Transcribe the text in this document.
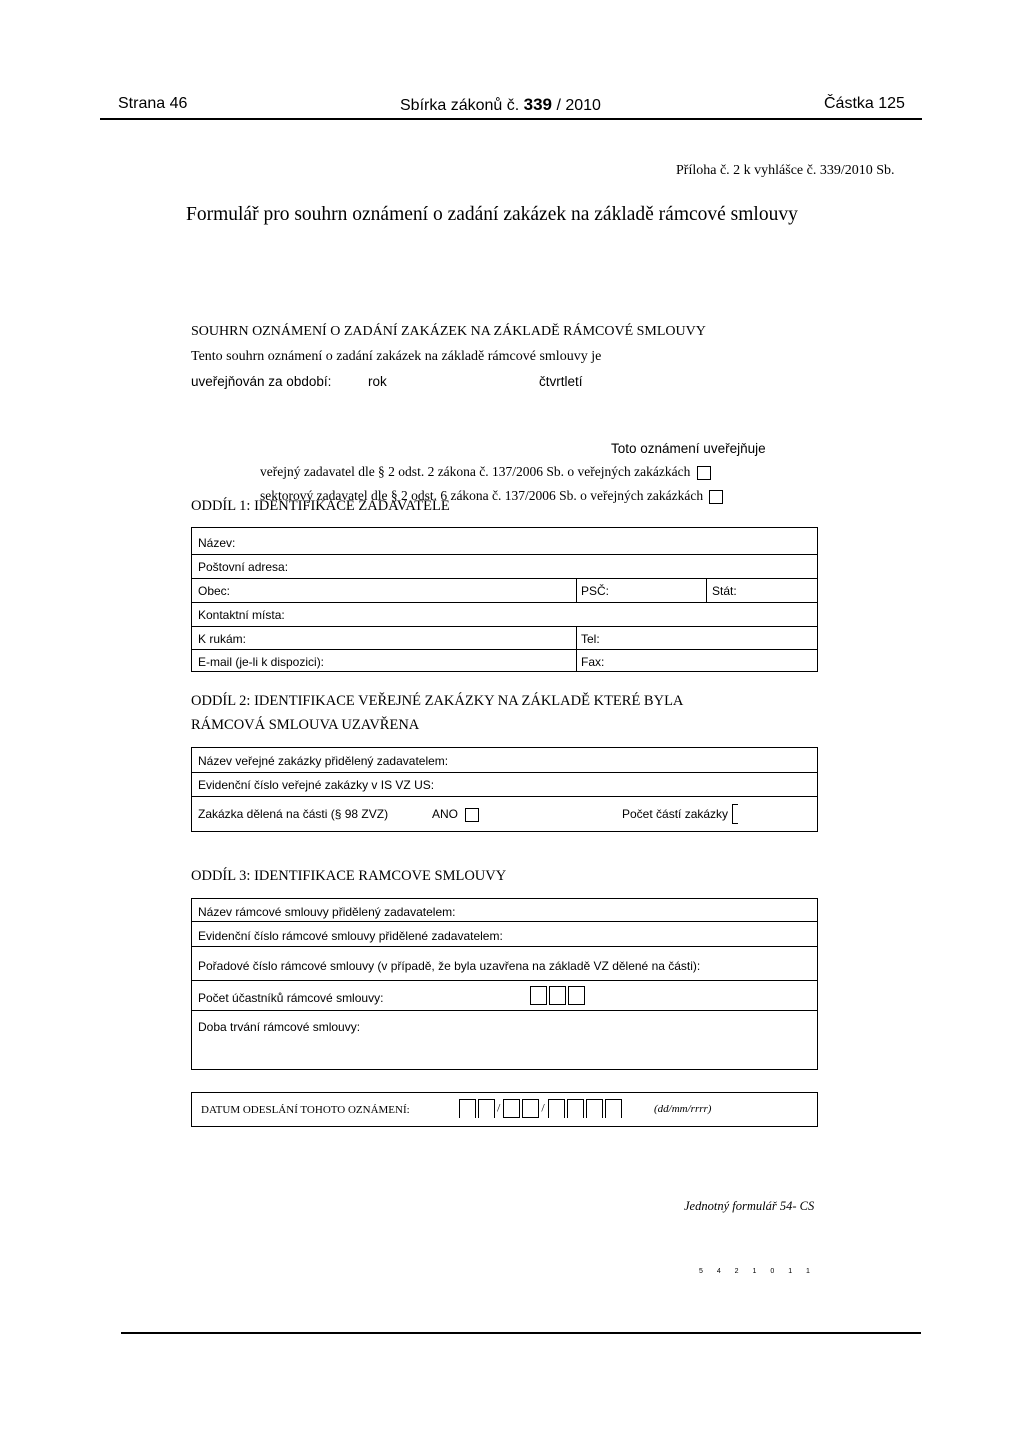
Strana 46	Sbírka zákonů č. 339 / 2010	Částka 125
Příloha č. 2 k vyhlášce č. 339/2010 Sb.
Formulář pro souhrn oznámení o zadání zakázek na základě rámcové smlouvy
SOUHRN OZNÁMENÍ O ZADÁNÍ ZAKÁZEK NA ZÁKLADĚ RÁMCOVÉ SMLOUVY
Tento souhrn oznámení o zadání zakázek na základě rámcové smlouvy je
uveřejňován za období:	rok	čtvrtletí
Toto oznámení uveřejňuje
veřejný zadavatel dle § 2 odst. 2 zákona č. 137/2006 Sb. o veřejných zakázkách
sektorový zadavatel dle § 2 odst. 6 zákona č. 137/2006 Sb. o veřejných zakázkách
ODDÍL 1: IDENTIFIKACE ZADAVATELE
Název:
Poštovní adresa:
Obec:	PSČ:	Stát:
Kontaktní místa:
K rukám:	Tel:
E-mail (je-li k dispozici):	Fax:
ODDÍL 2: IDENTIFIKACE VEŘEJNÉ ZAKÁZKY NA ZÁKLADĚ KTERÉ BYLA
RÁMCOVÁ SMLOUVA UZAVŘENA
Název veřejné zakázky přidělený zadavatelem:
Evidenční číslo veřejné zakázky v IS VZ US:
Zakázka dělená na části (§ 98 ZVZ)	ANO	Počet částí zakázky
ODDÍL 3: IDENTIFIKACE RAMCOVE SMLOUVY
Název rámcové smlouvy přidělený zadavatelem:
Evidenční číslo rámcové smlouvy přidělené zadavatelem:
Pořadové číslo rámcové smlouvy (v případě, že byla uzavřena na základě VZ dělené na části):
Počet účastníků rámcové smlouvy:
Doba trvání rámcové smlouvy:
DATUM ODESLÁNÍ TOHOTO OZNÁMENÍ:	/	/	(dd/mm/rrrr)
Jednotný formulář 54- CS
5 4 2 1 0 1 1
